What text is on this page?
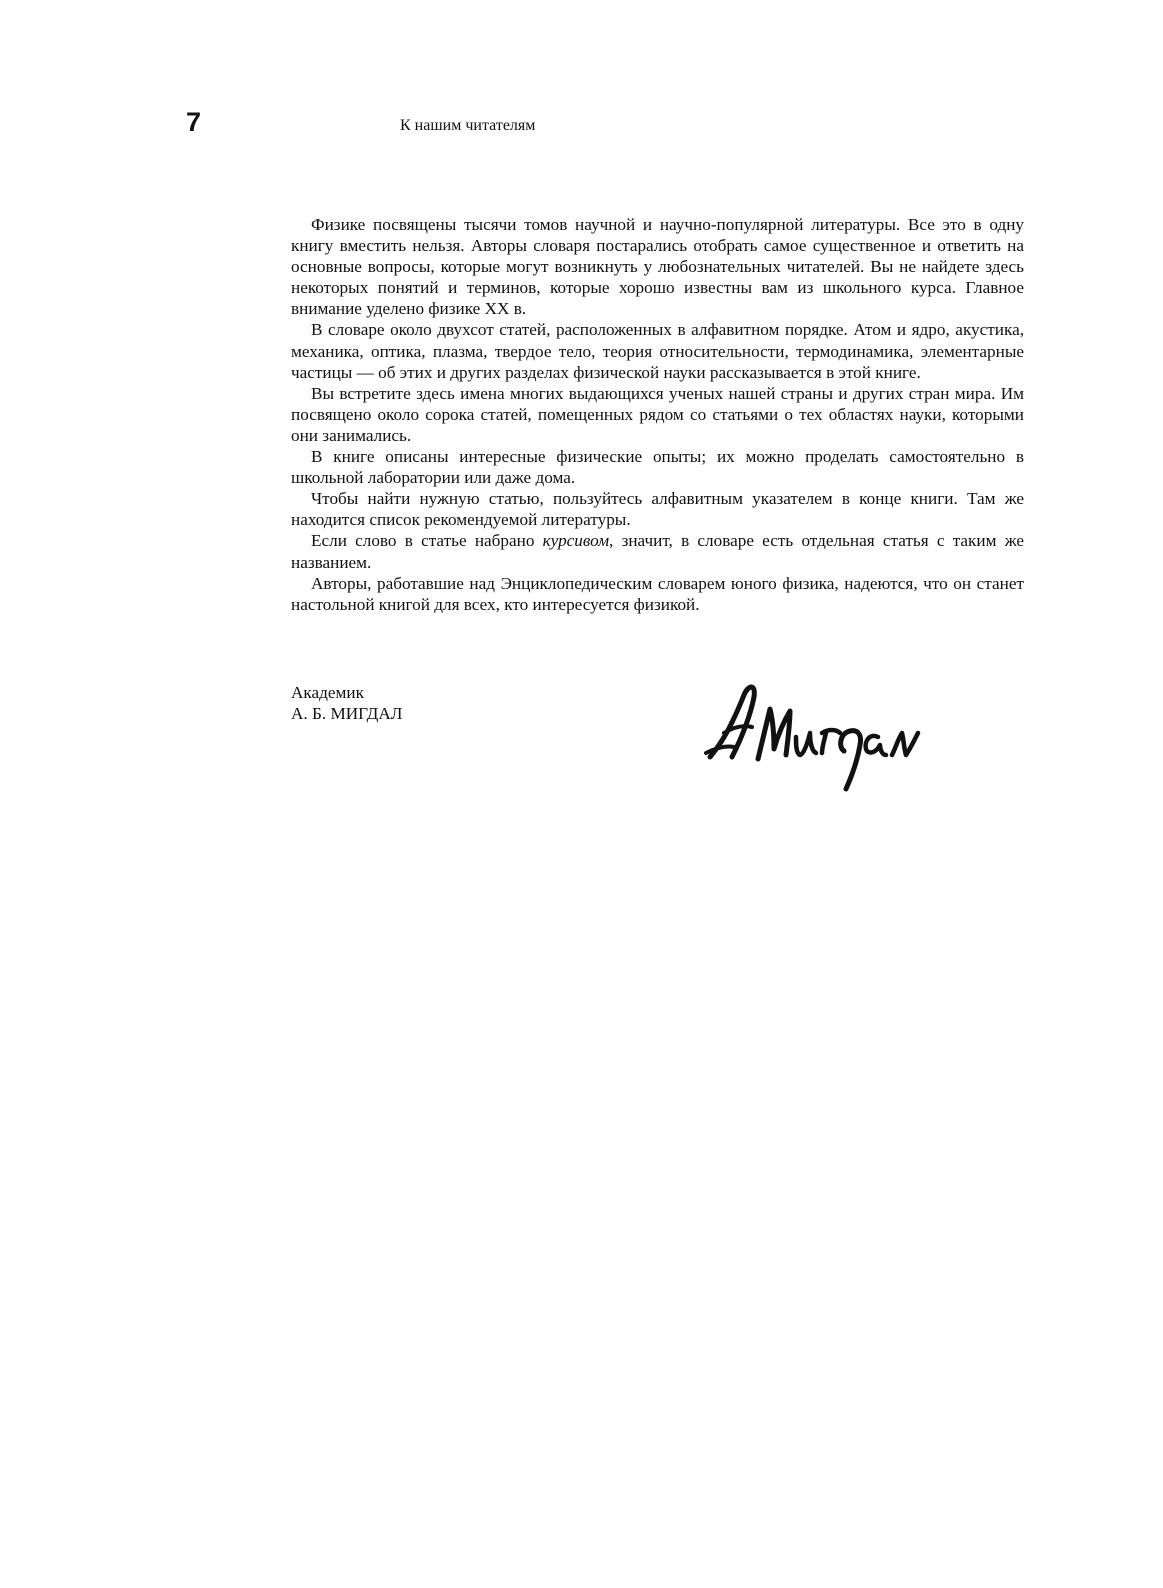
7	К нашим читателям

Физике посвящены тысячи томов научной и научно-популярной литературы. Все это в одну книгу вместить нельзя. Авторы словаря постарались отобрать самое существенное и ответить на основные вопросы, которые могут возникнуть у любознательных читателей. Вы не найдете здесь некоторых понятий и терминов, которые хорошо известны вам из школьного курса. Главное внимание уделено физике XX в.

В словаре около двухсот статей, расположенных в алфавитном порядке. Атом и ядро, акустика, механика, оптика, плазма, твердое тело, теория относительности, термодинамика, элементарные частицы — об этих и других разделах физической науки рассказывается в этой книге.

Вы встретите здесь имена многих выдающихся ученых нашей страны и других стран мира. Им посвящено около сорока статей, помещенных рядом со статьями о тех областях науки, которыми они занимались.

В книге описаны интересные физические опыты; их можно проделать самостоятельно в школьной лаборатории или даже дома.

Чтобы найти нужную статью, пользуйтесь алфавитным указателем в конце книги. Там же находится список рекомендуемой литературы.

Если слово в статье набрано курсивом, значит, в словаре есть отдельная статья с таким же названием.

Авторы, работавшие над Энциклопедическим словарем юного физика, надеются, что он станет настольной книгой для всех, кто интересуется физикой.

Академик
А. Б. МИГДАЛ
